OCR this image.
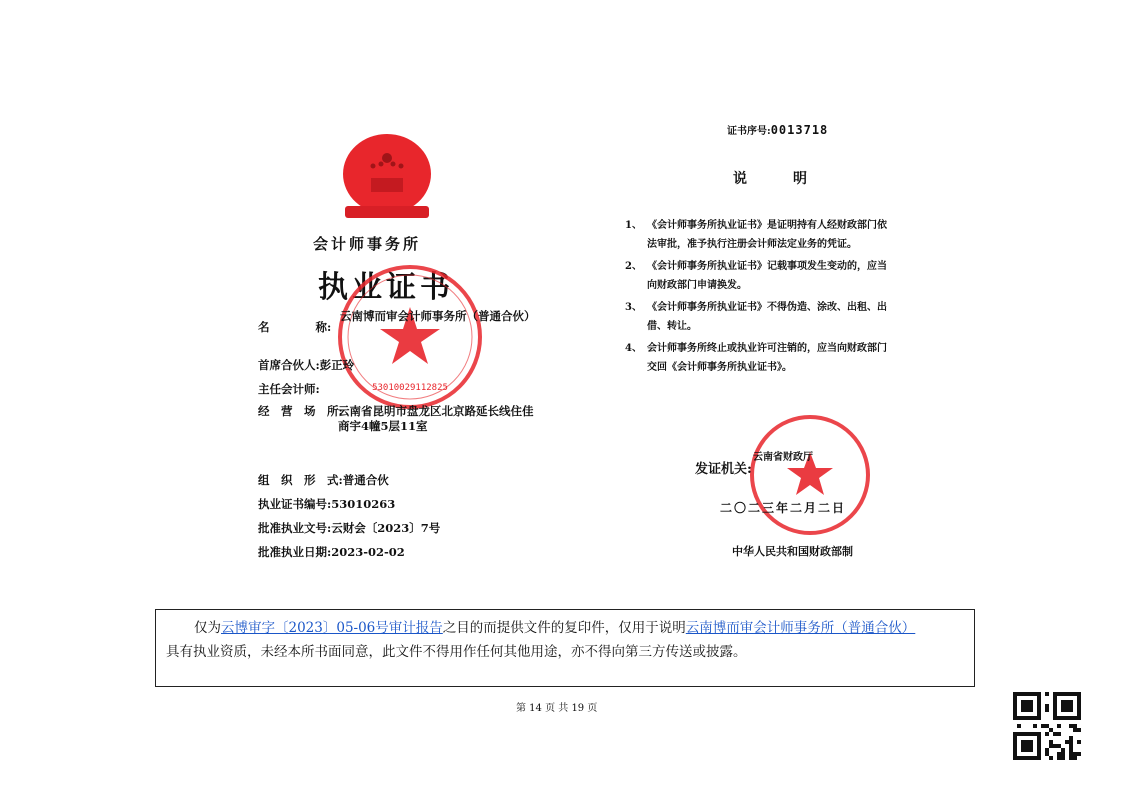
会计师事务所
执业证书
53010029112825
名　　　　称:
云南博而审会计师事务所（普通合伙）
首席合伙人:彭正玲
主任会计师:
经　营　场　所:
云南省昆明市盘龙区北京路延长线住佳商宇4幢5层11室
组　织　形　式:普通合伙
执业证书编号:53010263
批准执业文号:云财会〔2023〕7号
批准执业日期:2023-02-02
证书序号:0013718
说　明
1、 《会计师事务所执业证书》是证明持有人经财政部门依法审批，准予执行注册会计师法定业务的凭证。
2、 《会计师事务所执业证书》记载事项发生变动的，应当向财政部门申请换发。
3、 《会计师事务所执业证书》不得伪造、涂改、出租、出借、转让。
4、 会计师事务所终止或执业许可注销的，应当向财政部门交回《会计师事务所执业证书》。
发证机关:
云南省财政厅
二〇二三年二月二日
中华人民共和国财政部制
仅为云博审字〔2023〕05-06号审计报告之目的而提供文件的复印件，仅用于说明云南博而审会计师事务所（普通合伙）
具有执业资质，未经本所书面同意，此文件不得用作任何其他用途，亦不得向第三方传送或披露。
第 14 页 共 19 页
